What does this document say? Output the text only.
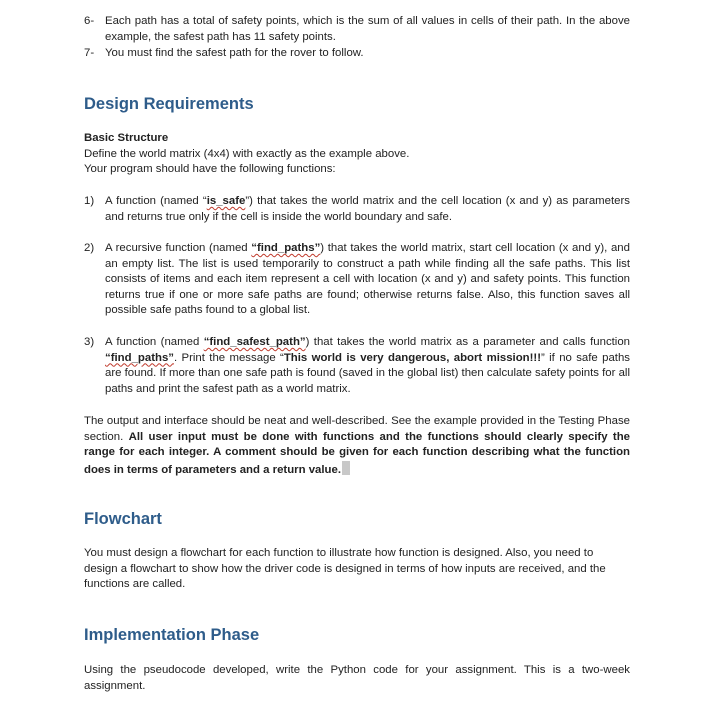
6- Each path has a total of safety points, which is the sum of all values in cells of their path. In the above example, the safest path has 11 safety points.
7- You must find the safest path for the rover to follow.
Design Requirements
Basic Structure
Define the world matrix (4x4) with exactly as the example above.
Your program should have the following functions:
1) A function (named “is_safe”) that takes the world matrix and the cell location (x and y) as parameters and returns true only if the cell is inside the world boundary and safe.
2) A recursive function (named “find_paths”) that takes the world matrix, start cell location (x and y), and an empty list. The list is used temporarily to construct a path while finding all the safe paths. This list consists of items and each item represent a cell with location (x and y) and safety points. This function returns true if one or more safe paths are found; otherwise returns false. Also, this function saves all possible safe paths found to a global list.
3) A function (named “find_safest_path”) that takes the world matrix as a parameter and calls function “find_paths”. Print the message “This world is very dangerous, abort mission!!!” if no safe paths are found. If more than one safe path is found (saved in the global list) then calculate safety points for all paths and print the safest path as a world matrix.
The output and interface should be neat and well-described. See the example provided in the Testing Phase section. All user input must be done with functions and the functions should clearly specify the range for each integer. A comment should be given for each function describing what the function does in terms of parameters and a return value.
Flowchart
You must design a flowchart for each function to illustrate how function is designed. Also, you need to design a flowchart to show how the driver code is designed in terms of how inputs are received, and the functions are called.
Implementation Phase
Using the pseudocode developed, write the Python code for your assignment. This is a two-week assignment.
